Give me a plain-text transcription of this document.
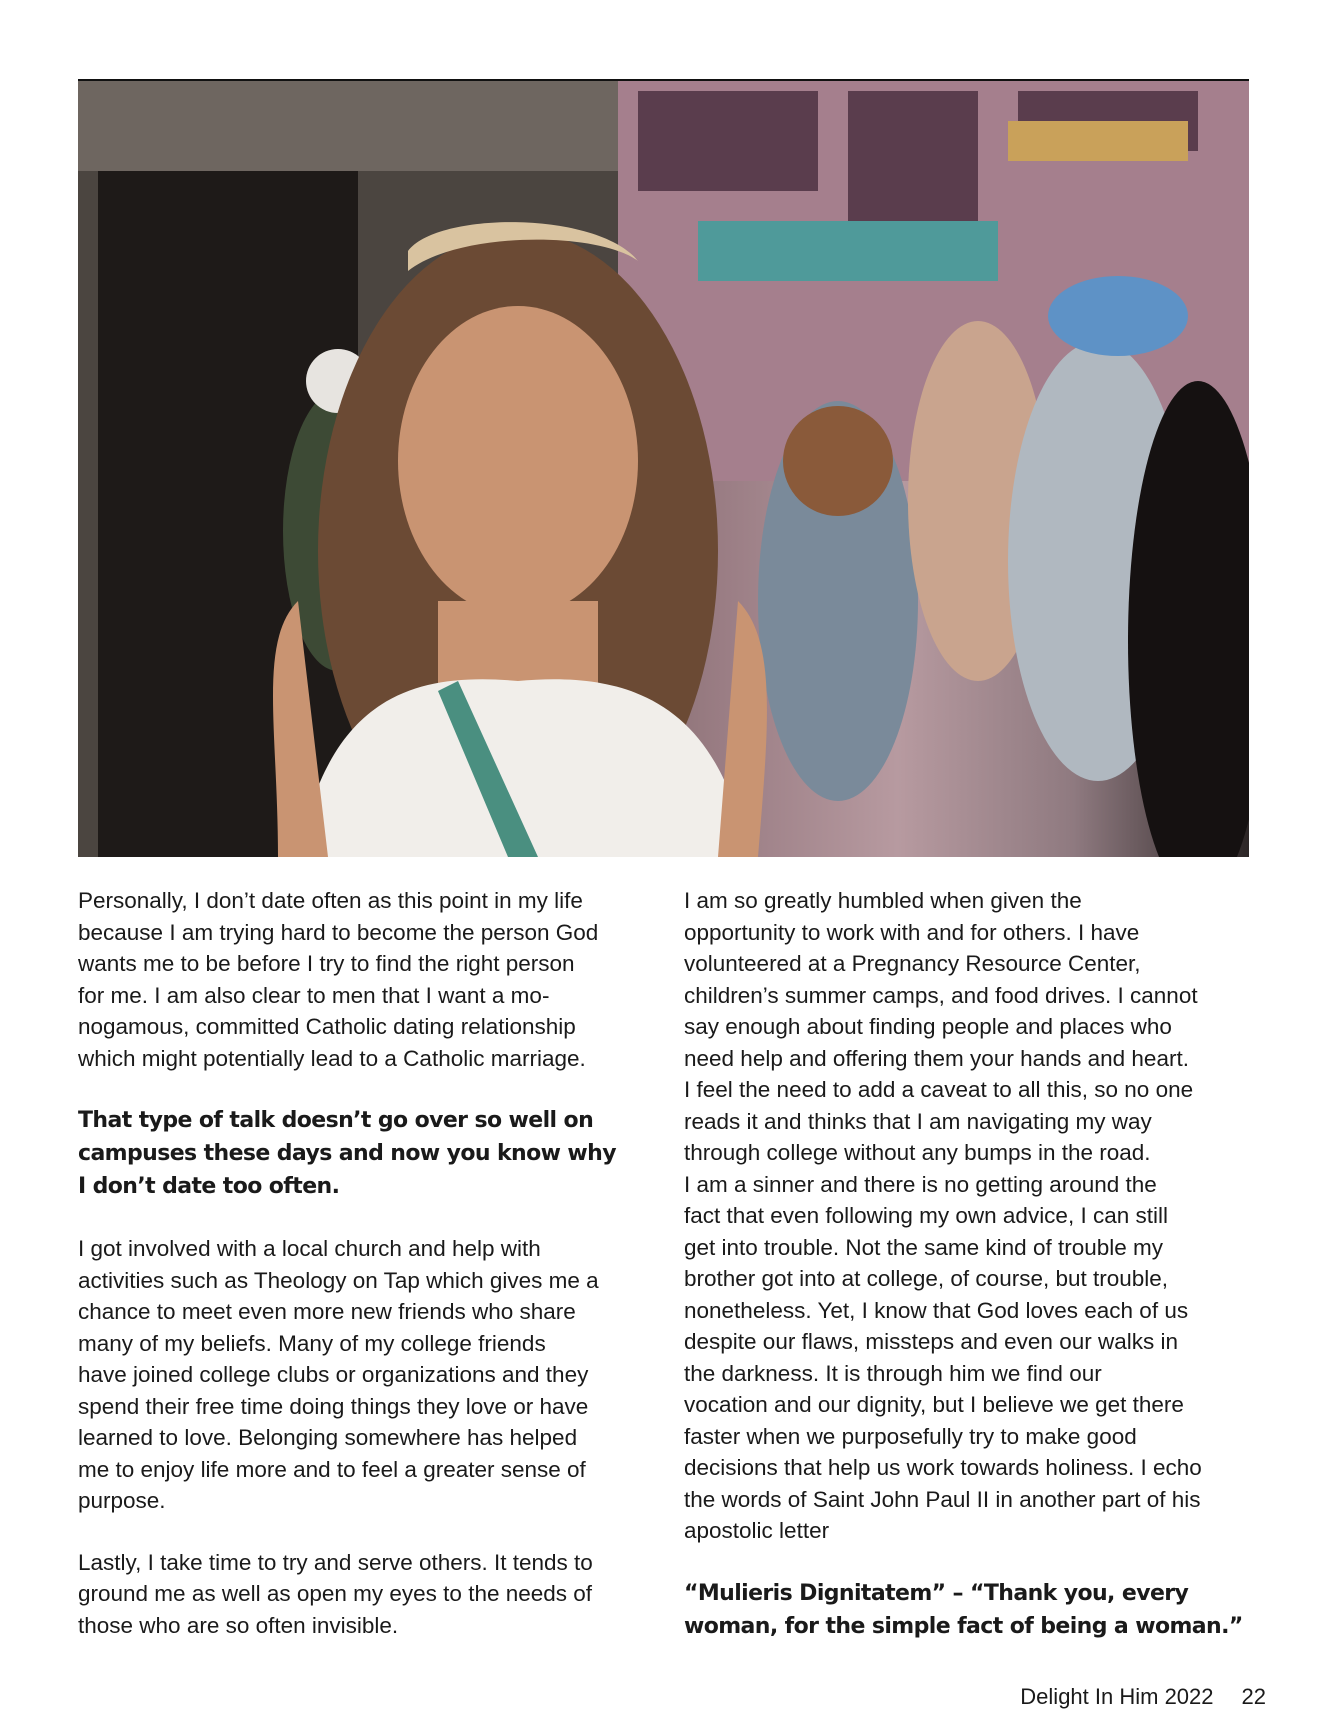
Personally, I don’t date often as this point in my life
because I am trying hard to become the person God
wants me to be before I try to find the right person
for me. I am also clear to men that I want a mo-
nogamous, committed Catholic dating relationship
which might potentially lead to a Catholic marriage.

That type of talk doesn’t go over so well on
campuses these days and now you know why
I don’t date too often.

I got involved with a local church and help with
activities such as Theology on Tap which gives me a
chance to meet even more new friends who share
many of my beliefs. Many of my college friends
have joined college clubs or organizations and they
spend their free time doing things they love or have
learned to love. Belonging somewhere has helped
me to enjoy life more and to feel a greater sense of
purpose.

Lastly, I take time to try and serve others. It tends to
ground me as well as open my eyes to the needs of
those who are so often invisible.

I am so greatly humbled when given the
opportunity to work with and for others. I have
volunteered at a Pregnancy Resource Center,
children’s summer camps, and food drives. I cannot
say enough about finding people and places who
need help and offering them your hands and heart.
I feel the need to add a caveat to all this, so no one
reads it and thinks that I am navigating my way
through college without any bumps in the road.
I am a sinner and there is no getting around the
fact that even following my own advice, I can still
get into trouble. Not the same kind of trouble my
brother got into at college, of course, but trouble,
nonetheless. Yet, I know that God loves each of us
despite our flaws, missteps and even our walks in
the darkness. It is through him we find our
vocation and our dignity, but I believe we get there
faster when we purposefully try to make good
decisions that help us work towards holiness. I echo
the words of Saint John Paul II in another part of his
apostolic letter

“Mulieris Dignitatem” – “Thank you, every
woman, for the simple fact of being a woman.”

Delight In Him 2022 22
